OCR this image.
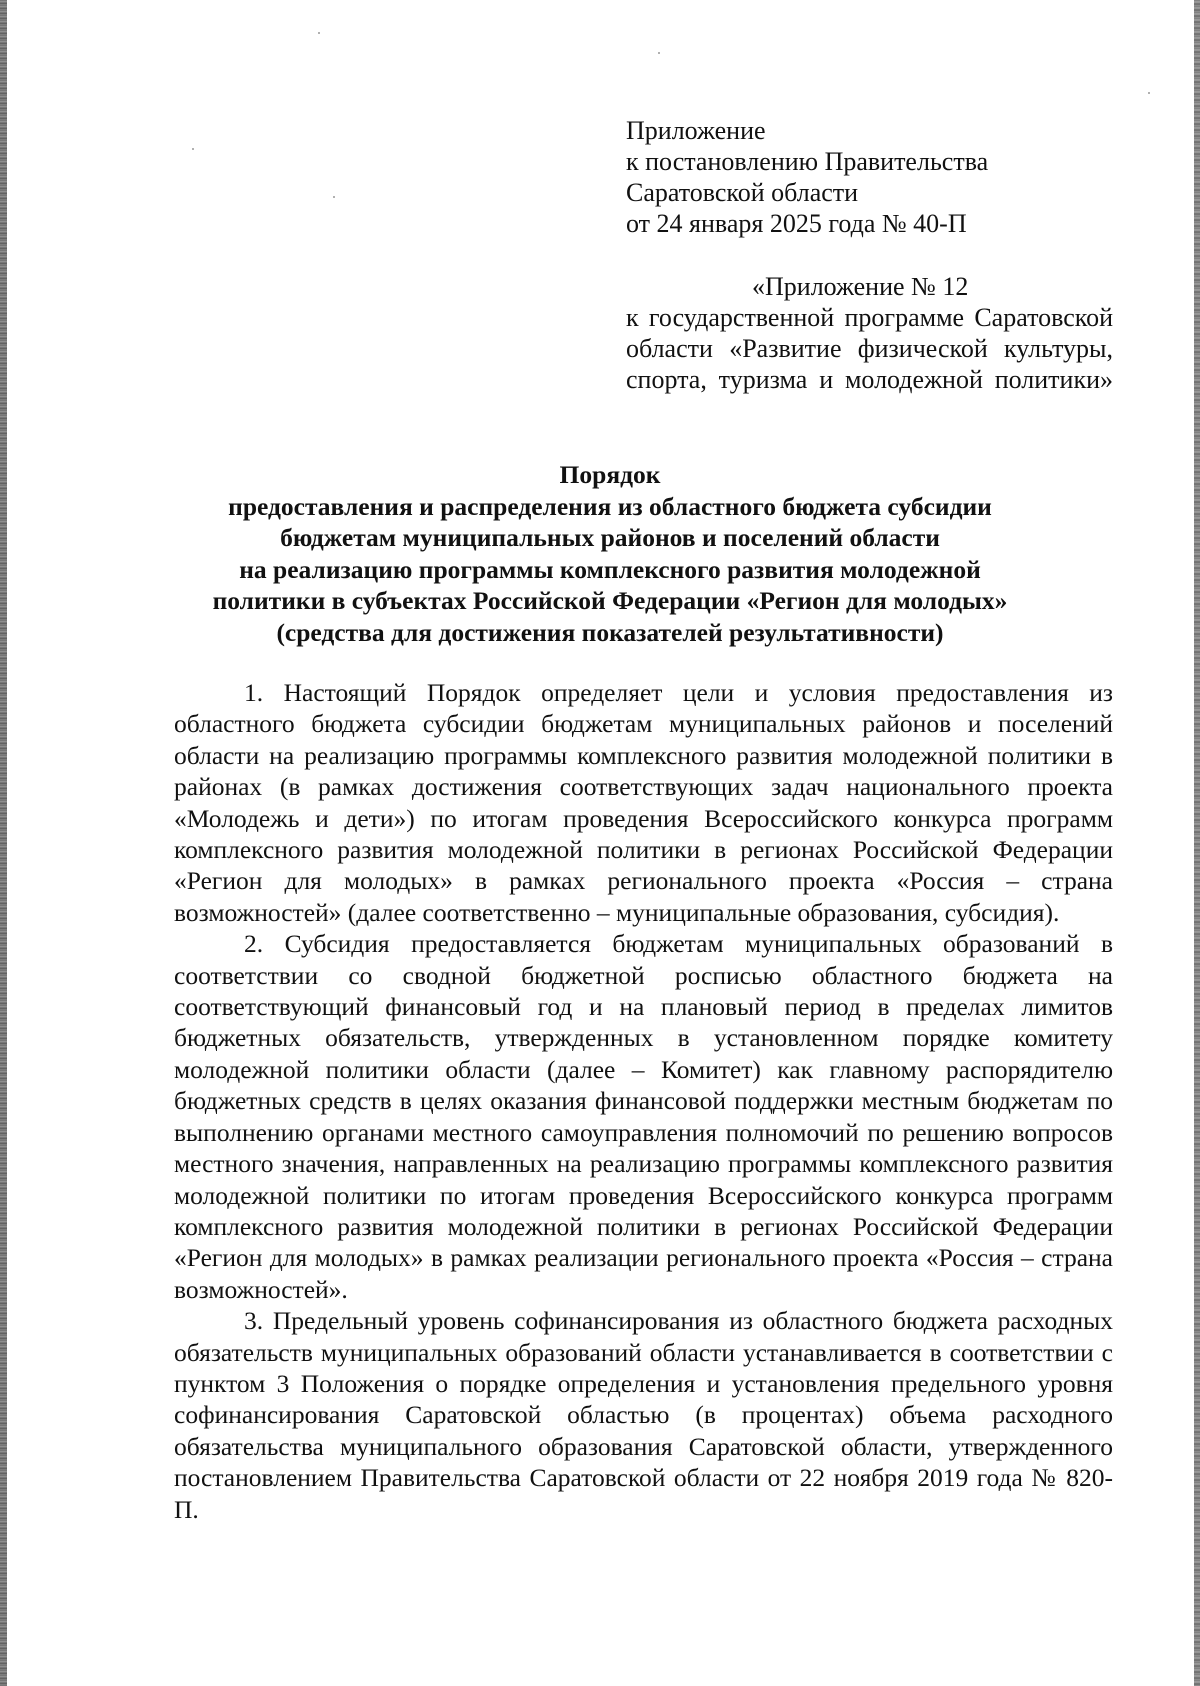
Приложение

к постановлению Правительства

Саратовской области

от 24 января 2025 года № 40-П

«Приложение № 12

к государственной программе Саратовской

области «Развитие физической культуры,

спорта, туризма и молодежной политики»

Порядок

предоставления и распределения из областного бюджета субсидии

бюджетам муниципальных районов и поселений области

на реализацию программы комплексного развития молодежной

политики в субъектах Российской Федерации «Регион для молодых»

(средства для достижения показателей результативности)

1. Настоящий Порядок определяет цели и условия предоставления из областного бюджета субсидии бюджетам муниципальных районов и поселений области на реализацию программы комплексного развития молодежной политики в районах (в рамках достижения соответствующих задач национального проекта «Молодежь и дети») по итогам проведения Всероссийского конкурса программ комплексного развития молодежной политики в регионах Российской Федерации «Регион для молодых» в рамках регионального проекта «Россия – страна возможностей» (далее соответственно – муниципальные образования, субсидия).

2. Субсидия предоставляется бюджетам муниципальных образований в соответствии со сводной бюджетной росписью областного бюджета на соответствующий финансовый год и на плановый период в пределах лимитов бюджетных обязательств, утвержденных в установленном порядке комитету молодежной политики области (далее – Комитет) как главному распорядителю бюджетных средств в целях оказания финансовой поддержки местным бюджетам по выполнению органами местного самоуправления полномочий по решению вопросов местного значения, направленных на реализацию программы комплексного развития молодежной политики по итогам проведения Всероссийского конкурса программ комплексного развития молодежной политики в регионах Российской Федерации «Регион для молодых» в рамках реализации регионального проекта «Россия – страна возможностей».

3. Предельный уровень софинансирования из областного бюджета расходных обязательств муниципальных образований области устанавливается в соответствии с пунктом 3 Положения о порядке определения и установления предельного уровня софинансирования Саратовской областью (в процентах) объема расходного обязательства муниципального образования Саратовской области, утвержденного постановлением Правительства Саратовской области от 22 ноября 2019 года № 820-П.
